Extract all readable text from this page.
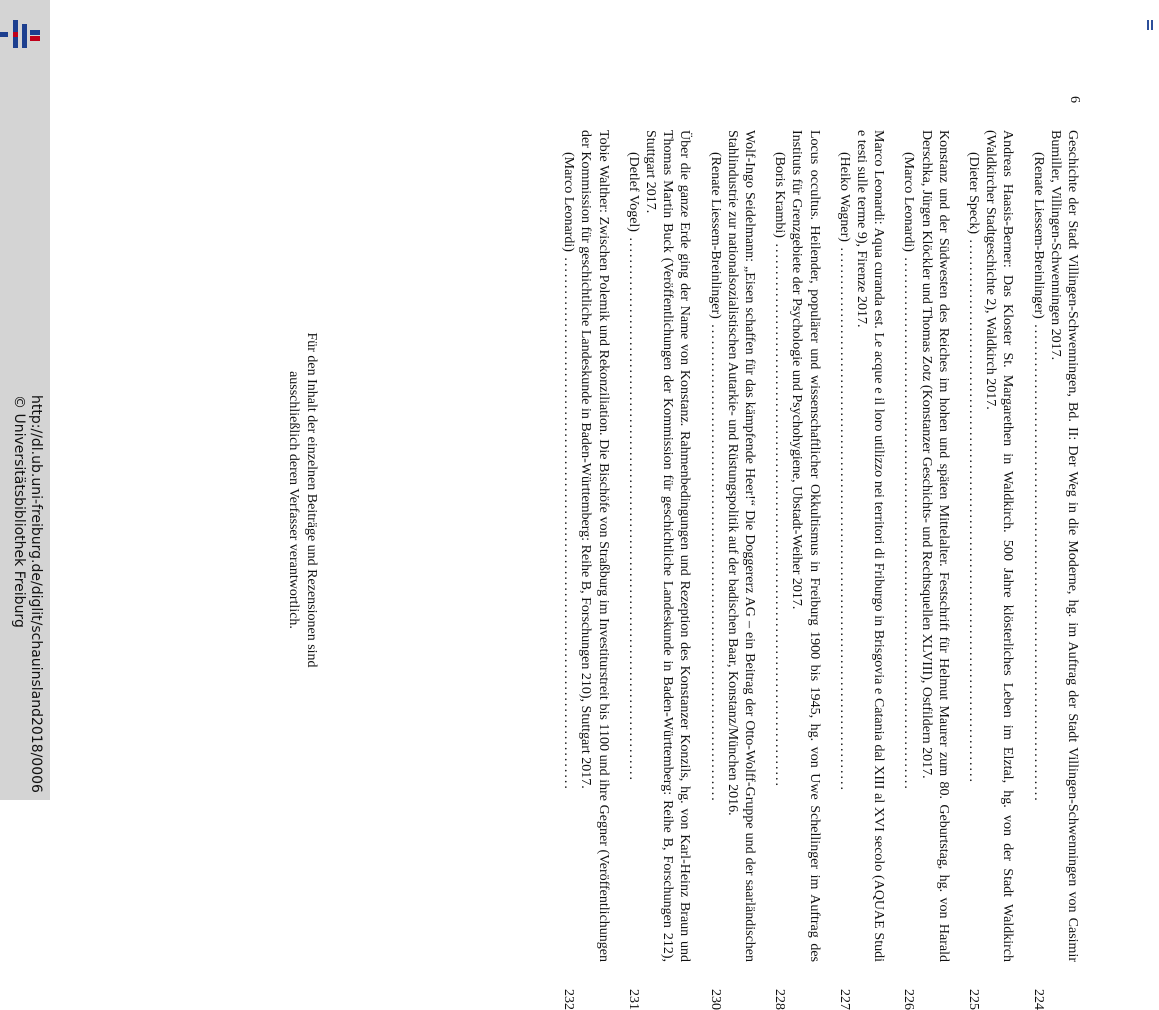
http://dl.ub.uni-freiburg.de/diglit/schauinsland2018/0006
© Universitätsbibliothek Freiburg
6
Geschichte der Stadt Villingen-Schwenningen, Bd. II: Der Weg in die Moderne, hg. im Auftrag der Stadt Villingen-Schwenningen von Casimir Bumiller, Villingen-Schwenningen 2017.
(Renate Liessem-Breinlinger) .......................................................................................
224
Andreas Haasis-Berner: Das Kloster St. Margarethen in Waldkirch. 500 Jahre klösterliches Leben im Elztal, hg. von der Stadt Waldkirch (Waldkircher Stadtgeschichte 2), Waldkirch 2017.
(Dieter Speck) ...................................................................................................
225
Konstanz und der Südwesten des Reiches im hohen und späten Mittelalter. Festschrift für Helmut Maurer zum 80. Geburtstag, hg. von Harald Derschka, Jürgen Klöckler und Thomas Zotz (Konstanzer Geschichts- und Rechtsquellen XLVIII), Ostfildern 2017.
(Marco Leonardi) .................................................................................................
226
Marco Leonardi: Aqua curanda est. Le acque e il loro utilizzo nei territori di Friburgo in Brisgovia e Catania dal XIII al XVI secolo (AQUAE Studi e testi sulle terme 9), Firenze 2017.
(Heiko Wagner) ...................................................................................................
227
Locus occultus. Heilender, populärer und wissenschaftlicher Okkultismus in Freiburg 1900 bis 1945, hg. von Uwe Schellinger im Auftrag des Instituts für Grenzgebiete der Psychologie und Psychohygiene, Ubstadt-Weiher 2017.
(Boris Krambi) ...................................................................................................
228
Wolf-Ingo Seidelmann: „Eisen schaffen für das kämpfende Heer!“ Die Doggererz AG – ein Beitrag der Otto-Wolff-Gruppe und der saarländischen Stahlindustrie zur nationalsozialistischen Autarkie- und Rüstungspolitik auf der badischen Baar, Konstanz/München 2016.
(Renate Liessem-Breinlinger) .......................................................................................
230
Über die ganze Erde ging der Name von Konstanz. Rahmenbedingungen und Rezeption des Konstanzer Konzils, hg. von Karl-Heinz Braun und Thomas Martin Buck (Veröffentlichungen der Kommission für geschichtliche Landeskunde in Baden-Württemberg: Reihe B, Forschungen 212), Stuttgart 2017.
(Detlef Vogel) ...................................................................................................
231
Tobie Walther: Zwischen Polemik und Rekonziliation. Die Bischöfe von Straßburg im Investiturstreit bis 1100 und ihre Gegner (Veröffentlichungen der Kommission für geschichtliche Landeskunde in Baden-Württemberg: Reihe B, Forschungen 210), Stuttgart 2017.
(Marco Leonardi) .................................................................................................
232
Für den Inhalt der einzelnen Beiträge und Rezensionen sind
ausschließlich deren Verfasser verantwortlich.
